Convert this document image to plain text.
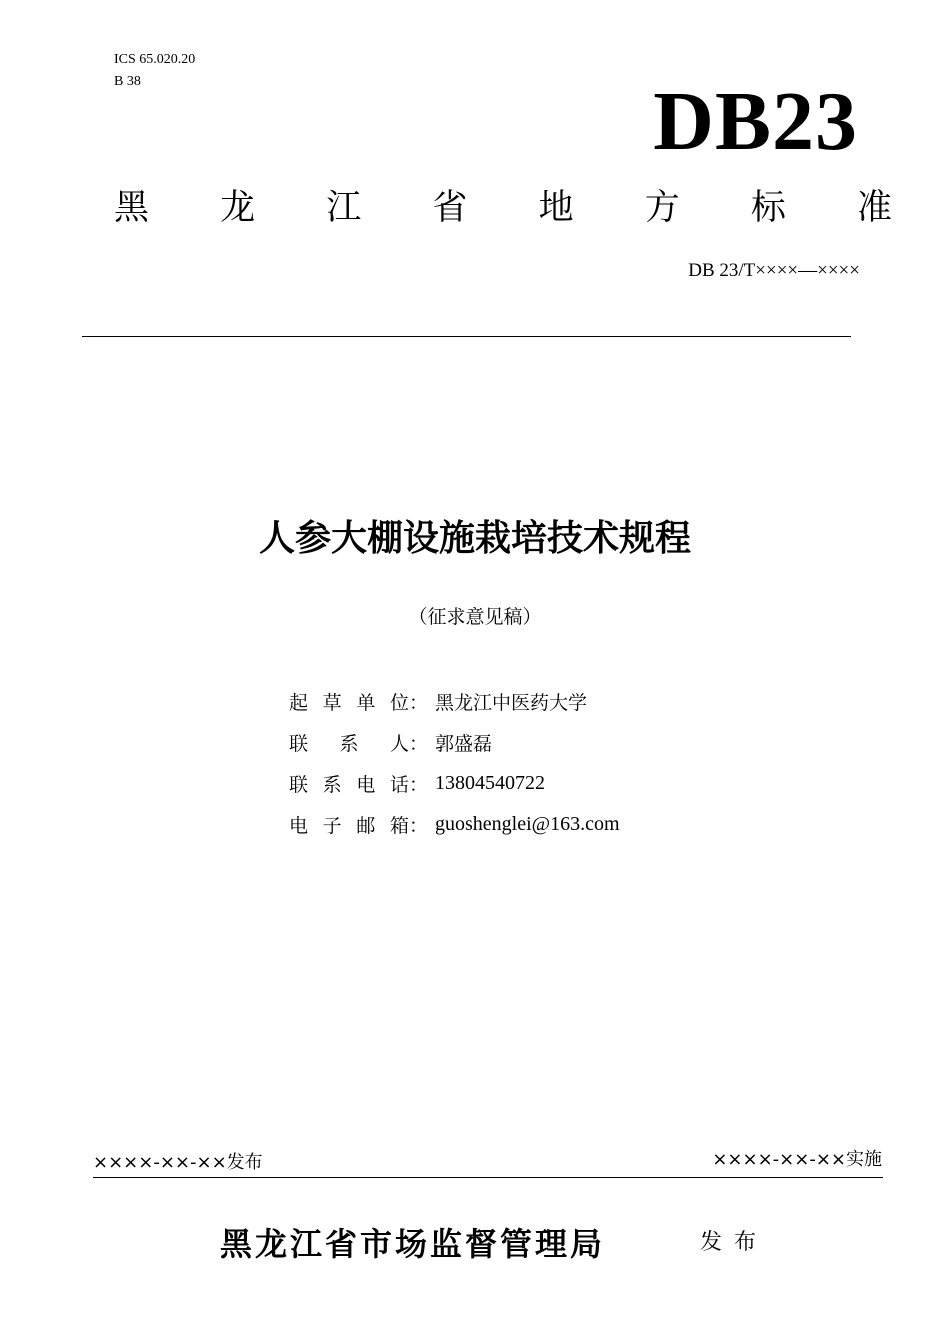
ICS 65.020.20
B 38	DB23
黑 龙 江 省 地 方 标 准
DB 23/T××××—××××
人参大棚设施栽培技术规程
（征求意见稿）
起 草 单 位 ： 黑龙江中医药大学
联 系 人 ： 郭盛磊
联 系 电 话 ： 13804540722
电 子 邮 箱 ： guoshenglei@163.com
××××-××-××发布	××××-××-××实施
黑龙江省市场监督管理局	发布
